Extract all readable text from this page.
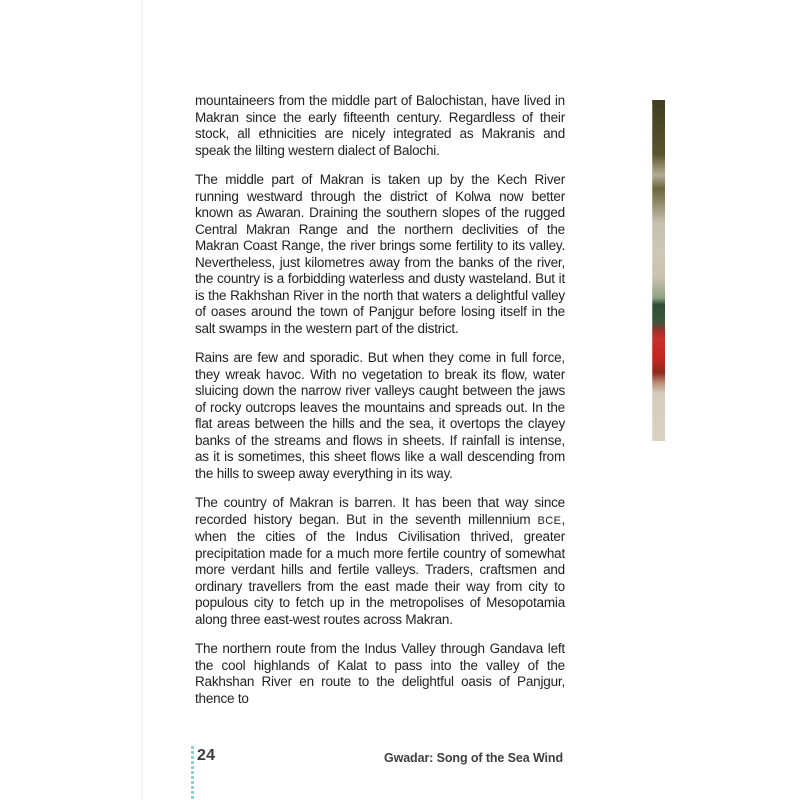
mountaineers from the middle part of Balochistan, have lived in Makran since the early fifteenth century. Regardless of their stock, all ethnicities are nicely integrated as Makranis and speak the lilting western dialect of Balochi.

The middle part of Makran is taken up by the Kech River running westward through the district of Kolwa now better known as Awaran. Draining the southern slopes of the rugged Central Makran Range and the northern declivities of the Makran Coast Range, the river brings some fertility to its valley. Nevertheless, just kilometres away from the banks of the river, the country is a forbidding waterless and dusty wasteland. But it is the Rakhshan River in the north that waters a delightful valley of oases around the town of Panjgur before losing itself in the salt swamps in the western part of the district.

Rains are few and sporadic. But when they come in full force, they wreak havoc. With no vegetation to break its flow, water sluicing down the narrow river valleys caught between the jaws of rocky outcrops leaves the mountains and spreads out. In the flat areas between the hills and the sea, it overtops the clayey banks of the streams and flows in sheets. If rainfall is intense, as it is sometimes, this sheet flows like a wall descending from the hills to sweep away everything in its way.

The country of Makran is barren. It has been that way since recorded history began. But in the seventh millennium BCE, when the cities of the Indus Civilisation thrived, greater precipitation made for a much more fertile country of somewhat more verdant hills and fertile valleys. Traders, craftsmen and ordinary travellers from the east made their way from city to populous city to fetch up in the metropolises of Mesopotamia along three east-west routes across Makran.

The northern route from the Indus Valley through Gandava left the cool highlands of Kalat to pass into the valley of the Rakhshan River en route to the delightful oasis of Panjgur, thence to

24	Gwadar: Song of the Sea Wind
